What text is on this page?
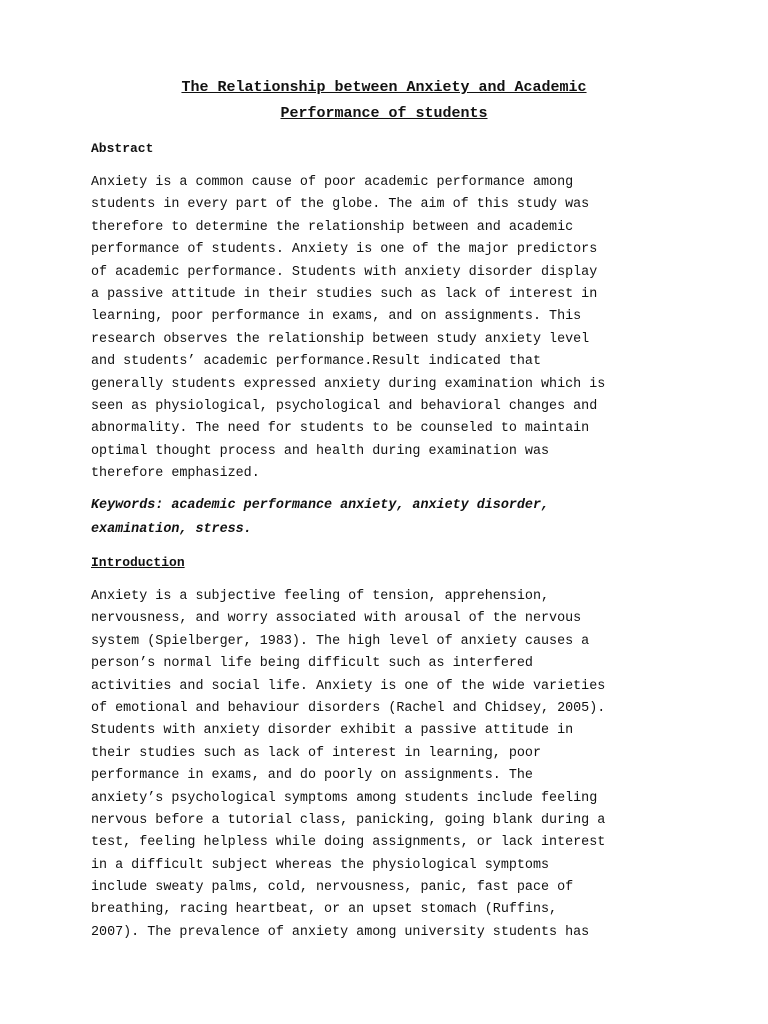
The Relationship between Anxiety and Academic
Performance of students
Abstract
Anxiety is a common cause of poor academic performance among
students in every part of the globe. The aim of this study was
therefore to determine the relationship between and academic
performance of students. Anxiety is one of the major predictors
of academic performance. Students with anxiety disorder display
a passive attitude in their studies such as lack of interest in
learning, poor performance in exams, and on assignments. This
research observes the relationship between study anxiety level
and students’ academic performance.Result indicated that
generally students expressed anxiety during examination which is
seen as physiological, psychological and behavioral changes and
abnormality. The need for students to be counseled to maintain
optimal thought process and health during examination was
therefore emphasized.
Keywords: academic performance anxiety, anxiety disorder,
examination, stress.
Introduction
Anxiety is a subjective feeling of tension, apprehension,
nervousness, and worry associated with arousal of the nervous
system (Spielberger, 1983). The high level of anxiety causes a
person’s normal life being difficult such as interfered
activities and social life. Anxiety is one of the wide varieties
of emotional and behaviour disorders (Rachel and Chidsey, 2005).
Students with anxiety disorder exhibit a passive attitude in
their studies such as lack of interest in learning, poor
performance in exams, and do poorly on assignments. The
anxiety’s psychological symptoms among students include feeling
nervous before a tutorial class, panicking, going blank during a
test, feeling helpless while doing assignments, or lack interest
in a difficult subject whereas the physiological symptoms
include sweaty palms, cold, nervousness, panic, fast pace of
breathing, racing heartbeat, or an upset stomach (Ruffins,
2007). The prevalence of anxiety among university students has
